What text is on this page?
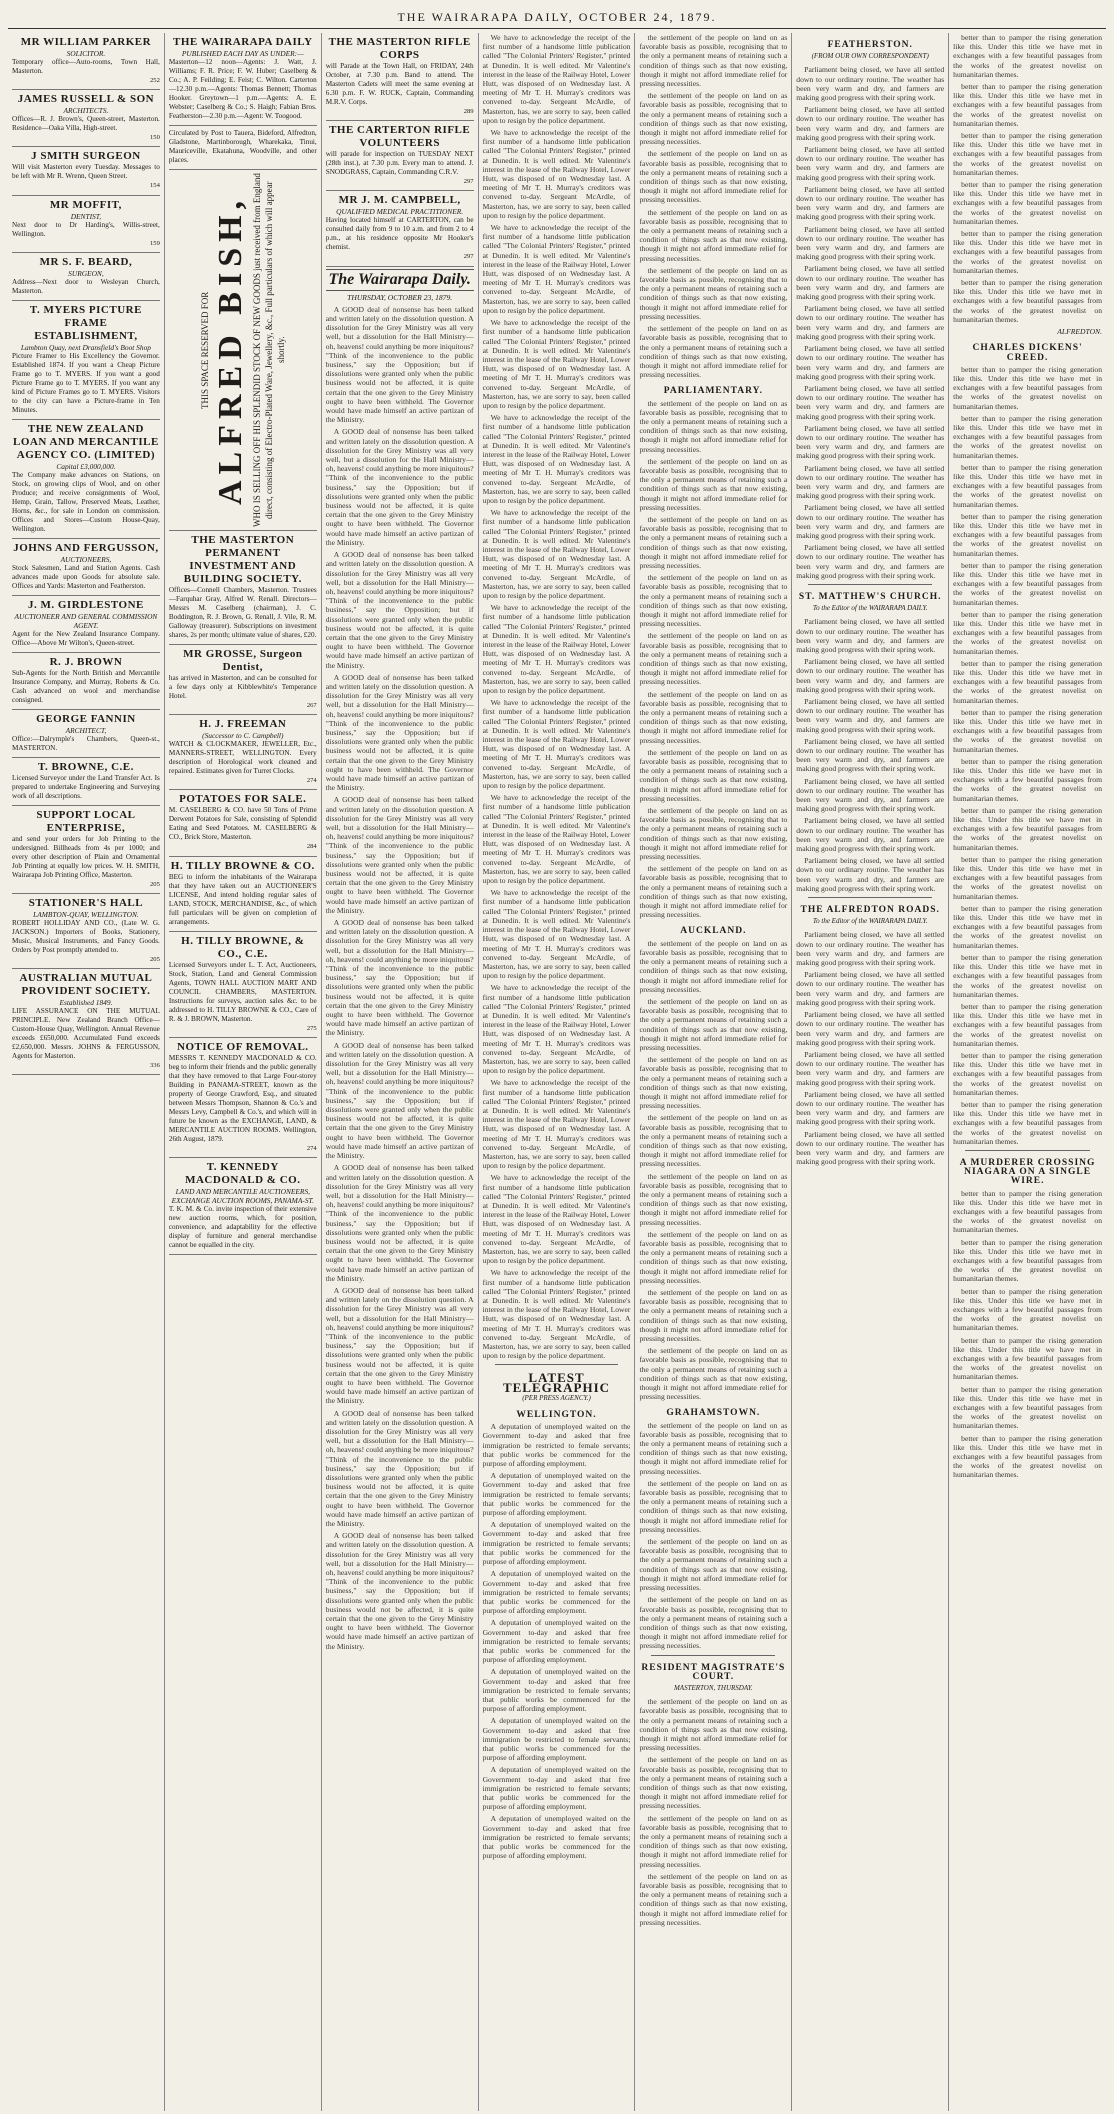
THE WAIRARAPA DAILY, OCTOBER 24, 1879.
MR WILLIAM PARKER
SOLICITOR.
Temporary office—Auto-rooms, Town Hall, Masterton.
252
JAMES RUSSELL & SON
ARCHITECTS.
Offices—R. J. Brown's, Queen-street, Masterton. Residence—Oaka Villa, High-street.
150
J SMITH SURGEON
Will visit Masterton every Tuesday. Messages to be left with Mr R. Wrenn, Queen Street.
154
MR MOFFIT,
DENTIST,
Next door to Dr Harding's, Willis-street, Wellington.
159
MR S. F. BEARD,
SURGEON,
Address—Next door to Wesleyan Church, Masterton.
T. MYERS PICTURE FRAME ESTABLISHMENT,
Lambton Quay, next Dransfield's Boot Shop
Picture Framer to His Excellency the Governor. Established 1874. If you want a Cheap Picture Frame go to T. MYERS. If you want a good Picture Frame go to T. MYERS. If you want any kind of Picture Frames go to T. MYERS. Visitors to the city can have a Picture-frame in Ten Minutes.
THE NEW ZEALAND LOAN AND MERCANTILE AGENCY CO. (LIMITED)
Capital £3,000,000.
The Company make advances on Stations, on Stock, on growing clips of Wool, and on other Produce; and receive consignments of Wool, Hemp, Grain, Tallow, Preserved Meats, Leather, Horns, &c., for sale in London on commission. Offices and Stores—Custom House-Quay, Wellington.
JOHNS AND FERGUSSON,
AUCTIONEERS,
Stock Salesmen, Land and Station Agents. Cash advances made upon Goods for absolute sale. Offices and Yards: Masterton and Featherston.
J. M. GIRDLESTONE
AUCTIONEER AND GENERAL COMMISSION AGENT.
Agent for the New Zealand Insurance Company. Office—Above Mr Wilton's, Queen-street.
R. J. BROWN
Sub-Agents for the North British and Mercantile Insurance Company, and Murray, Roberts & Co. Cash advanced on wool and merchandise consigned.
GEORGE FANNIN
ARCHITECT,
Office:—Dalrymple's Chambers, Queen-st., MASTERTON.
T. BROWNE, C.E.
Licensed Surveyor under the Land Transfer Act. Is prepared to undertake Engineering and Surveying work of all descriptions.
SUPPORT LOCAL ENTERPRISE,
and send your orders for Job Printing to the undersigned. Billheads from 4s per 1000; and every other description of Plain and Ornamental Job Printing at equally low prices. W. H. SMITH, Wairarapa Job Printing Office, Masterton.
205
STATIONER'S HALL
LAMBTON-QUAY, WELLINGTON.
ROBERT HOLLIDAY AND CO., (Late W. G. JACKSON.) Importers of Books, Stationery, Music, Musical Instruments, and Fancy Goods. Orders by Post promptly attended to.
205
AUSTRALIAN MUTUAL PROVIDENT SOCIETY.
Established 1849.
LIFE ASSURANCE ON THE MUTUAL PRINCIPLE. New Zealand Branch Office—Custom-House Quay, Wellington. Annual Revenue exceeds £650,000. Accumulated Fund exceeds £2,650,000. Messrs. JOHNS & FERGUSSON, Agents for Masterton.
336
THE WAIRARAPA DAILY
PUBLISHED EACH DAY AS UNDER:—
Masterton—12 noon—Agents: J. Watt, J. Williams; F. R. Price; F. W. Huber; Caselberg & Co.; A. P. Feilding; E. Feist; C. Wilton. Carterton—12.30 p.m.—Agents: Thomas Bennett; Thomas Hooker. Greytown—1 p.m.—Agents: A. E. Webster; Caselberg & Co.; S. Haigh; Fabian Bros. Featherston—2.30 p.m.—Agent: W. Toogood.
Circulated by Post to Tauera, Bideford, Alfredton, Gladstone, Martinborough, Wharekaka, Tinui, Mauriceville, Ekatahuna, Woodville, and other places.
THIS SPACE RESERVED FOR ALFRED BISH, WHO IS SELLING OFF HIS SPLENDID STOCK OF NEW GOODS just received from England direct, consisting of Electro-Plated Ware, Jewellery, &c., Full particulars of which will appear shortly.
THE MASTERTON PERMANENT INVESTMENT AND BUILDING SOCIETY.
Offices—Connell Chambers, Masterton. Trustees—Farquhar Gray, Alfred W. Renall. Directors—Messrs M. Caselberg (chairman), J. C. Boddington, R. J. Brown, G. Renall, J. Vile, R. M. Galloway (treasurer). Subscriptions on investment shares, 2s per month; ultimate value of shares, £20.
MR GROSSE, Surgeon Dentist,
has arrived in Masterton, and can be consulted for a few days only at Kibblewhite's Temperance Hotel.
267
H. J. FREEMAN
(Successor to C. Campbell)
WATCH & CLOCKMAKER, JEWELLER, Etc., MANNERS-STREET, WELLINGTON. Every description of Horological work cleaned and repaired. Estimates given for Turret Clocks.
274
POTATOES FOR SALE.
M. CASELBERG & CO. have 50 Tons of Prime Derwent Potatoes for Sale, consisting of Splendid Eating and Seed Potatoes. M. CASELBERG & CO., Brick Store, Masterton.
284
H. TILLY BROWNE & CO.
BEG to inform the inhabitants of the Wairarapa that they have taken out an AUCTIONEER'S LICENSE, And intend holding regular sales of LAND, STOCK, MERCHANDISE, &c., of which full particulars will be given on completion of arrangements.
H. TILLY BROWNE, & CO., C.E.
Licensed Surveyors under L. T. Act, Auctioneers, Stock, Station, Land and General Commission Agents, TOWN HALL AUCTION MART AND COUNCIL CHAMBERS, MASTERTON. Instructions for surveys, auction sales &c. to be addressed to H. TILLY BROWNE & CO., Care of R. & J. BROWN, Masterton.
275
NOTICE OF REMOVAL.
MESSRS T. KENNEDY MACDONALD & CO. beg to inform their friends and the public generally that they have removed to that Large Four-storey Building in PANAMA-STREET, known as the property of George Crawford, Esq., and situated between Messrs Thompson, Shannon & Co.'s and Messrs Levy, Campbell & Co.'s, and which will in future be known as the EXCHANGE, LAND, & MERCANTILE AUCTION ROOMS. Wellington, 26th August, 1879.
274
T. KENNEDY MACDONALD & CO.
LAND AND MERCANTILE AUCTIONEERS, EXCHANGE AUCTION ROOMS, PANAMA-ST.
T. K. M. & Co. invite inspection of their extensive new auction rooms, which, for position, convenience, and adaptability for the effective display of furniture and general merchandise cannot be equalled in the city.
THE MASTERTON RIFLE CORPS
will Parade at the Town Hall, on FRIDAY, 24th October, at 7.30 p.m. Band to attend. The Masterton Cadets will meet the same evening at 6.30 p.m. F. W. RUCK, Captain, Commanding M.R.V. Corps.
289
THE CARTERTON RIFLE VOLUNTEERS
will parade for inspection on TUESDAY NEXT (28th inst.), at 7.30 p.m. Every man to attend. J. SNODGRASS, Captain, Commanding C.R.V.
297
MR J. M. CAMPBELL,
QUALIFIED MEDICAL PRACTITIONER.
Having located himself at CARTERTON, can be consulted daily from 9 to 10 a.m. and from 2 to 4 p.m., at his residence opposite Mr Hooker's chemist.
297
The Wairarapa Daily.
THURSDAY, OCTOBER 23, 1879.

A GOOD deal of nonsense has been talked and written lately on the dissolution question. A dissolution for the Grey Ministry was all very well, but a dissolution for the Hall Ministry—oh, heavens! could anything be more iniquitous? "Think of the inconvenience to the public business," say the Opposition; but if dissolutions were granted only when the public business would not be affected, it is quite certain that the one given to the Grey Ministry ought to have been withheld. The Governor would have made himself an active partizan of the Ministry.

A GOOD deal of nonsense has been talked and written lately on the dissolution question. A dissolution for the Grey Ministry was all very well, but a dissolution for the Hall Ministry—oh, heavens! could anything be more iniquitous? "Think of the inconvenience to the public business," say the Opposition; but if dissolutions were granted only when the public business would not be affected, it is quite certain that the one given to the Grey Ministry ought to have been withheld. The Governor would have made himself an active partizan of the Ministry.

A GOOD deal of nonsense has been talked and written lately on the dissolution question. A dissolution for the Grey Ministry was all very well, but a dissolution for the Hall Ministry—oh, heavens! could anything be more iniquitous? "Think of the inconvenience to the public business," say the Opposition; but if dissolutions were granted only when the public business would not be affected, it is quite certain that the one given to the Grey Ministry ought to have been withheld. The Governor would have made himself an active partizan of the Ministry.

A GOOD deal of nonsense has been talked and written lately on the dissolution question. A dissolution for the Grey Ministry was all very well, but a dissolution for the Hall Ministry—oh, heavens! could anything be more iniquitous? "Think of the inconvenience to the public business," say the Opposition; but if dissolutions were granted only when the public business would not be affected, it is quite certain that the one given to the Grey Ministry ought to have been withheld. The Governor would have made himself an active partizan of the Ministry.

A GOOD deal of nonsense has been talked and written lately on the dissolution question. A dissolution for the Grey Ministry was all very well, but a dissolution for the Hall Ministry—oh, heavens! could anything be more iniquitous? "Think of the inconvenience to the public business," say the Opposition; but if dissolutions were granted only when the public business would not be affected, it is quite certain that the one given to the Grey Ministry ought to have been withheld. The Governor would have made himself an active partizan of the Ministry.

A GOOD deal of nonsense has been talked and written lately on the dissolution question. A dissolution for the Grey Ministry was all very well, but a dissolution for the Hall Ministry—oh, heavens! could anything be more iniquitous? "Think of the inconvenience to the public business," say the Opposition; but if dissolutions were granted only when the public business would not be affected, it is quite certain that the one given to the Grey Ministry ought to have been withheld. The Governor would have made himself an active partizan of the Ministry.

A GOOD deal of nonsense has been talked and written lately on the dissolution question. A dissolution for the Grey Ministry was all very well, but a dissolution for the Hall Ministry—oh, heavens! could anything be more iniquitous? "Think of the inconvenience to the public business," say the Opposition; but if dissolutions were granted only when the public business would not be affected, it is quite certain that the one given to the Grey Ministry ought to have been withheld. The Governor would have made himself an active partizan of the Ministry.

A GOOD deal of nonsense has been talked and written lately on the dissolution question. A dissolution for the Grey Ministry was all very well, but a dissolution for the Hall Ministry—oh, heavens! could anything be more iniquitous? "Think of the inconvenience to the public business," say the Opposition; but if dissolutions were granted only when the public business would not be affected, it is quite certain that the one given to the Grey Ministry ought to have been withheld. The Governor would have made himself an active partizan of the Ministry.

A GOOD deal of nonsense has been talked and written lately on the dissolution question. A dissolution for the Grey Ministry was all very well, but a dissolution for the Hall Ministry—oh, heavens! could anything be more iniquitous? "Think of the inconvenience to the public business," say the Opposition; but if dissolutions were granted only when the public business would not be affected, it is quite certain that the one given to the Grey Ministry ought to have been withheld. The Governor would have made himself an active partizan of the Ministry.

A GOOD deal of nonsense has been talked and written lately on the dissolution question. A dissolution for the Grey Ministry was all very well, but a dissolution for the Hall Ministry—oh, heavens! could anything be more iniquitous? "Think of the inconvenience to the public business," say the Opposition; but if dissolutions were granted only when the public business would not be affected, it is quite certain that the one given to the Grey Ministry ought to have been withheld. The Governor would have made himself an active partizan of the Ministry.

A GOOD deal of nonsense has been talked and written lately on the dissolution question. A dissolution for the Grey Ministry was all very well, but a dissolution for the Hall Ministry—oh, heavens! could anything be more iniquitous? "Think of the inconvenience to the public business," say the Opposition; but if dissolutions were granted only when the public business would not be affected, it is quite certain that the one given to the Grey Ministry ought to have been withheld. The Governor would have made himself an active partizan of the Ministry.

We have to acknowledge the receipt of the first number of a handsome little publication called "The Colonial Printers' Register," printed at Dunedin. It is well edited. Mr Valentine's interest in the lease of the Railway Hotel, Lower Hutt, was disposed of on Wednesday last. A meeting of Mr T. H. Murray's creditors was convened to-day. Sergeant McArdle, of Masterton, has, we are sorry to say, been called upon to resign by the police department.

We have to acknowledge the receipt of the first number of a handsome little publication called "The Colonial Printers' Register," printed at Dunedin. It is well edited. Mr Valentine's interest in the lease of the Railway Hotel, Lower Hutt, was disposed of on Wednesday last. A meeting of Mr T. H. Murray's creditors was convened to-day. Sergeant McArdle, of Masterton, has, we are sorry to say, been called upon to resign by the police department.

We have to acknowledge the receipt of the first number of a handsome little publication called "The Colonial Printers' Register," printed at Dunedin. It is well edited. Mr Valentine's interest in the lease of the Railway Hotel, Lower Hutt, was disposed of on Wednesday last. A meeting of Mr T. H. Murray's creditors was convened to-day. Sergeant McArdle, of Masterton, has, we are sorry to say, been called upon to resign by the police department.

We have to acknowledge the receipt of the first number of a handsome little publication called "The Colonial Printers' Register," printed at Dunedin. It is well edited. Mr Valentine's interest in the lease of the Railway Hotel, Lower Hutt, was disposed of on Wednesday last. A meeting of Mr T. H. Murray's creditors was convened to-day. Sergeant McArdle, of Masterton, has, we are sorry to say, been called upon to resign by the police department.

We have to acknowledge the receipt of the first number of a handsome little publication called "The Colonial Printers' Register," printed at Dunedin. It is well edited. Mr Valentine's interest in the lease of the Railway Hotel, Lower Hutt, was disposed of on Wednesday last. A meeting of Mr T. H. Murray's creditors was convened to-day. Sergeant McArdle, of Masterton, has, we are sorry to say, been called upon to resign by the police department.

We have to acknowledge the receipt of the first number of a handsome little publication called "The Colonial Printers' Register," printed at Dunedin. It is well edited. Mr Valentine's interest in the lease of the Railway Hotel, Lower Hutt, was disposed of on Wednesday last. A meeting of Mr T. H. Murray's creditors was convened to-day. Sergeant McArdle, of Masterton, has, we are sorry to say, been called upon to resign by the police department.

We have to acknowledge the receipt of the first number of a handsome little publication called "The Colonial Printers' Register," printed at Dunedin. It is well edited. Mr Valentine's interest in the lease of the Railway Hotel, Lower Hutt, was disposed of on Wednesday last. A meeting of Mr T. H. Murray's creditors was convened to-day. Sergeant McArdle, of Masterton, has, we are sorry to say, been called upon to resign by the police department.

We have to acknowledge the receipt of the first number of a handsome little publication called "The Colonial Printers' Register," printed at Dunedin. It is well edited. Mr Valentine's interest in the lease of the Railway Hotel, Lower Hutt, was disposed of on Wednesday last. A meeting of Mr T. H. Murray's creditors was convened to-day. Sergeant McArdle, of Masterton, has, we are sorry to say, been called upon to resign by the police department.

We have to acknowledge the receipt of the first number of a handsome little publication called "The Colonial Printers' Register," printed at Dunedin. It is well edited. Mr Valentine's interest in the lease of the Railway Hotel, Lower Hutt, was disposed of on Wednesday last. A meeting of Mr T. H. Murray's creditors was convened to-day. Sergeant McArdle, of Masterton, has, we are sorry to say, been called upon to resign by the police department.

We have to acknowledge the receipt of the first number of a handsome little publication called "The Colonial Printers' Register," printed at Dunedin. It is well edited. Mr Valentine's interest in the lease of the Railway Hotel, Lower Hutt, was disposed of on Wednesday last. A meeting of Mr T. H. Murray's creditors was convened to-day. Sergeant McArdle, of Masterton, has, we are sorry to say, been called upon to resign by the police department.

We have to acknowledge the receipt of the first number of a handsome little publication called "The Colonial Printers' Register," printed at Dunedin. It is well edited. Mr Valentine's interest in the lease of the Railway Hotel, Lower Hutt, was disposed of on Wednesday last. A meeting of Mr T. H. Murray's creditors was convened to-day. Sergeant McArdle, of Masterton, has, we are sorry to say, been called upon to resign by the police department.

We have to acknowledge the receipt of the first number of a handsome little publication called "The Colonial Printers' Register," printed at Dunedin. It is well edited. Mr Valentine's interest in the lease of the Railway Hotel, Lower Hutt, was disposed of on Wednesday last. A meeting of Mr T. H. Murray's creditors was convened to-day. Sergeant McArdle, of Masterton, has, we are sorry to say, been called upon to resign by the police department.

We have to acknowledge the receipt of the first number of a handsome little publication called "The Colonial Printers' Register," printed at Dunedin. It is well edited. Mr Valentine's interest in the lease of the Railway Hotel, Lower Hutt, was disposed of on Wednesday last. A meeting of Mr T. H. Murray's creditors was convened to-day. Sergeant McArdle, of Masterton, has, we are sorry to say, been called upon to resign by the police department.

We have to acknowledge the receipt of the first number of a handsome little publication called "The Colonial Printers' Register," printed at Dunedin. It is well edited. Mr Valentine's interest in the lease of the Railway Hotel, Lower Hutt, was disposed of on Wednesday last. A meeting of Mr T. H. Murray's creditors was convened to-day. Sergeant McArdle, of Masterton, has, we are sorry to say, been called upon to resign by the police department.

LATEST TELEGRAPHIC
(PER PRESS AGENCY.)
WELLINGTON.

A deputation of unemployed waited on the Government to-day and asked that free immigration be restricted to female servants; that public works be commenced for the purpose of affording employment.

A deputation of unemployed waited on the Government to-day and asked that free immigration be restricted to female servants; that public works be commenced for the purpose of affording employment.

A deputation of unemployed waited on the Government to-day and asked that free immigration be restricted to female servants; that public works be commenced for the purpose of affording employment.

A deputation of unemployed waited on the Government to-day and asked that free immigration be restricted to female servants; that public works be commenced for the purpose of affording employment.

A deputation of unemployed waited on the Government to-day and asked that free immigration be restricted to female servants; that public works be commenced for the purpose of affording employment.

A deputation of unemployed waited on the Government to-day and asked that free immigration be restricted to female servants; that public works be commenced for the purpose of affording employment.

A deputation of unemployed waited on the Government to-day and asked that free immigration be restricted to female servants; that public works be commenced for the purpose of affording employment.

A deputation of unemployed waited on the Government to-day and asked that free immigration be restricted to female servants; that public works be commenced for the purpose of affording employment.

A deputation of unemployed waited on the Government to-day and asked that free immigration be restricted to female servants; that public works be commenced for the purpose of affording employment.

the settlement of the people on land on as favorable basis as possible, recognising that to the only a permanent means of retaining such a condition of things such as that now existing, though it might not afford immediate relief for pressing necessities.

the settlement of the people on land on as favorable basis as possible, recognising that to the only a permanent means of retaining such a condition of things such as that now existing, though it might not afford immediate relief for pressing necessities.

the settlement of the people on land on as favorable basis as possible, recognising that to the only a permanent means of retaining such a condition of things such as that now existing, though it might not afford immediate relief for pressing necessities.

the settlement of the people on land on as favorable basis as possible, recognising that to the only a permanent means of retaining such a condition of things such as that now existing, though it might not afford immediate relief for pressing necessities.

the settlement of the people on land on as favorable basis as possible, recognising that to the only a permanent means of retaining such a condition of things such as that now existing, though it might not afford immediate relief for pressing necessities.

the settlement of the people on land on as favorable basis as possible, recognising that to the only a permanent means of retaining such a condition of things such as that now existing, though it might not afford immediate relief for pressing necessities.

PARLIAMENTARY.

the settlement of the people on land on as favorable basis as possible, recognising that to the only a permanent means of retaining such a condition of things such as that now existing, though it might not afford immediate relief for pressing necessities.

the settlement of the people on land on as favorable basis as possible, recognising that to the only a permanent means of retaining such a condition of things such as that now existing, though it might not afford immediate relief for pressing necessities.

the settlement of the people on land on as favorable basis as possible, recognising that to the only a permanent means of retaining such a condition of things such as that now existing, though it might not afford immediate relief for pressing necessities.

the settlement of the people on land on as favorable basis as possible, recognising that to the only a permanent means of retaining such a condition of things such as that now existing, though it might not afford immediate relief for pressing necessities.

the settlement of the people on land on as favorable basis as possible, recognising that to the only a permanent means of retaining such a condition of things such as that now existing, though it might not afford immediate relief for pressing necessities.

the settlement of the people on land on as favorable basis as possible, recognising that to the only a permanent means of retaining such a condition of things such as that now existing, though it might not afford immediate relief for pressing necessities.

the settlement of the people on land on as favorable basis as possible, recognising that to the only a permanent means of retaining such a condition of things such as that now existing, though it might not afford immediate relief for pressing necessities.

the settlement of the people on land on as favorable basis as possible, recognising that to the only a permanent means of retaining such a condition of things such as that now existing, though it might not afford immediate relief for pressing necessities.

the settlement of the people on land on as favorable basis as possible, recognising that to the only a permanent means of retaining such a condition of things such as that now existing, though it might not afford immediate relief for pressing necessities.

AUCKLAND.

the settlement of the people on land on as favorable basis as possible, recognising that to the only a permanent means of retaining such a condition of things such as that now existing, though it might not afford immediate relief for pressing necessities.

the settlement of the people on land on as favorable basis as possible, recognising that to the only a permanent means of retaining such a condition of things such as that now existing, though it might not afford immediate relief for pressing necessities.

the settlement of the people on land on as favorable basis as possible, recognising that to the only a permanent means of retaining such a condition of things such as that now existing, though it might not afford immediate relief for pressing necessities.

the settlement of the people on land on as favorable basis as possible, recognising that to the only a permanent means of retaining such a condition of things such as that now existing, though it might not afford immediate relief for pressing necessities.

the settlement of the people on land on as favorable basis as possible, recognising that to the only a permanent means of retaining such a condition of things such as that now existing, though it might not afford immediate relief for pressing necessities.

the settlement of the people on land on as favorable basis as possible, recognising that to the only a permanent means of retaining such a condition of things such as that now existing, though it might not afford immediate relief for pressing necessities.

the settlement of the people on land on as favorable basis as possible, recognising that to the only a permanent means of retaining such a condition of things such as that now existing, though it might not afford immediate relief for pressing necessities.

the settlement of the people on land on as favorable basis as possible, recognising that to the only a permanent means of retaining such a condition of things such as that now existing, though it might not afford immediate relief for pressing necessities.

GRAHAMSTOWN.

the settlement of the people on land on as favorable basis as possible, recognising that to the only a permanent means of retaining such a condition of things such as that now existing, though it might not afford immediate relief for pressing necessities.

the settlement of the people on land on as favorable basis as possible, recognising that to the only a permanent means of retaining such a condition of things such as that now existing, though it might not afford immediate relief for pressing necessities.

the settlement of the people on land on as favorable basis as possible, recognising that to the only a permanent means of retaining such a condition of things such as that now existing, though it might not afford immediate relief for pressing necessities.

the settlement of the people on land on as favorable basis as possible, recognising that to the only a permanent means of retaining such a condition of things such as that now existing, though it might not afford immediate relief for pressing necessities.

RESIDENT MAGISTRATE'S COURT.
MASTERTON, THURSDAY.

the settlement of the people on land on as favorable basis as possible, recognising that to the only a permanent means of retaining such a condition of things such as that now existing, though it might not afford immediate relief for pressing necessities.

the settlement of the people on land on as favorable basis as possible, recognising that to the only a permanent means of retaining such a condition of things such as that now existing, though it might not afford immediate relief for pressing necessities.

the settlement of the people on land on as favorable basis as possible, recognising that to the only a permanent means of retaining such a condition of things such as that now existing, though it might not afford immediate relief for pressing necessities.

the settlement of the people on land on as favorable basis as possible, recognising that to the only a permanent means of retaining such a condition of things such as that now existing, though it might not afford immediate relief for pressing necessities.

FEATHERSTON.
(FROM OUR OWN CORRESPONDENT)

Parliament being closed, we have all settled down to our ordinary routine. The weather has been very warm and dry, and farmers are making good progress with their spring work.

Parliament being closed, we have all settled down to our ordinary routine. The weather has been very warm and dry, and farmers are making good progress with their spring work.

Parliament being closed, we have all settled down to our ordinary routine. The weather has been very warm and dry, and farmers are making good progress with their spring work.

Parliament being closed, we have all settled down to our ordinary routine. The weather has been very warm and dry, and farmers are making good progress with their spring work.

Parliament being closed, we have all settled down to our ordinary routine. The weather has been very warm and dry, and farmers are making good progress with their spring work.

Parliament being closed, we have all settled down to our ordinary routine. The weather has been very warm and dry, and farmers are making good progress with their spring work.

Parliament being closed, we have all settled down to our ordinary routine. The weather has been very warm and dry, and farmers are making good progress with their spring work.

Parliament being closed, we have all settled down to our ordinary routine. The weather has been very warm and dry, and farmers are making good progress with their spring work.

Parliament being closed, we have all settled down to our ordinary routine. The weather has been very warm and dry, and farmers are making good progress with their spring work.

Parliament being closed, we have all settled down to our ordinary routine. The weather has been very warm and dry, and farmers are making good progress with their spring work.

Parliament being closed, we have all settled down to our ordinary routine. The weather has been very warm and dry, and farmers are making good progress with their spring work.

Parliament being closed, we have all settled down to our ordinary routine. The weather has been very warm and dry, and farmers are making good progress with their spring work.

Parliament being closed, we have all settled down to our ordinary routine. The weather has been very warm and dry, and farmers are making good progress with their spring work.

ST. MATTHEW'S CHURCH.
To the Editor of the WAIRARAPA DAILY.

Parliament being closed, we have all settled down to our ordinary routine. The weather has been very warm and dry, and farmers are making good progress with their spring work.

Parliament being closed, we have all settled down to our ordinary routine. The weather has been very warm and dry, and farmers are making good progress with their spring work.

Parliament being closed, we have all settled down to our ordinary routine. The weather has been very warm and dry, and farmers are making good progress with their spring work.

Parliament being closed, we have all settled down to our ordinary routine. The weather has been very warm and dry, and farmers are making good progress with their spring work.

Parliament being closed, we have all settled down to our ordinary routine. The weather has been very warm and dry, and farmers are making good progress with their spring work.

Parliament being closed, we have all settled down to our ordinary routine. The weather has been very warm and dry, and farmers are making good progress with their spring work.

Parliament being closed, we have all settled down to our ordinary routine. The weather has been very warm and dry, and farmers are making good progress with their spring work.

THE ALFREDTON ROADS.
To the Editor of the WAIRARAPA DAILY.

Parliament being closed, we have all settled down to our ordinary routine. The weather has been very warm and dry, and farmers are making good progress with their spring work.

Parliament being closed, we have all settled down to our ordinary routine. The weather has been very warm and dry, and farmers are making good progress with their spring work.

Parliament being closed, we have all settled down to our ordinary routine. The weather has been very warm and dry, and farmers are making good progress with their spring work.

Parliament being closed, we have all settled down to our ordinary routine. The weather has been very warm and dry, and farmers are making good progress with their spring work.

Parliament being closed, we have all settled down to our ordinary routine. The weather has been very warm and dry, and farmers are making good progress with their spring work.

Parliament being closed, we have all settled down to our ordinary routine. The weather has been very warm and dry, and farmers are making good progress with their spring work.

better than to pamper the rising generation like this. Under this title we have met in exchanges with a few beautiful passages from the works of the greatest novelist on humanitarian themes.

better than to pamper the rising generation like this. Under this title we have met in exchanges with a few beautiful passages from the works of the greatest novelist on humanitarian themes.

better than to pamper the rising generation like this. Under this title we have met in exchanges with a few beautiful passages from the works of the greatest novelist on humanitarian themes.

better than to pamper the rising generation like this. Under this title we have met in exchanges with a few beautiful passages from the works of the greatest novelist on humanitarian themes.

better than to pamper the rising generation like this. Under this title we have met in exchanges with a few beautiful passages from the works of the greatest novelist on humanitarian themes.

better than to pamper the rising generation like this. Under this title we have met in exchanges with a few beautiful passages from the works of the greatest novelist on humanitarian themes.

ALFREDTON.
CHARLES DICKENS' CREED.

better than to pamper the rising generation like this. Under this title we have met in exchanges with a few beautiful passages from the works of the greatest novelist on humanitarian themes.

better than to pamper the rising generation like this. Under this title we have met in exchanges with a few beautiful passages from the works of the greatest novelist on humanitarian themes.

better than to pamper the rising generation like this. Under this title we have met in exchanges with a few beautiful passages from the works of the greatest novelist on humanitarian themes.

better than to pamper the rising generation like this. Under this title we have met in exchanges with a few beautiful passages from the works of the greatest novelist on humanitarian themes.

better than to pamper the rising generation like this. Under this title we have met in exchanges with a few beautiful passages from the works of the greatest novelist on humanitarian themes.

better than to pamper the rising generation like this. Under this title we have met in exchanges with a few beautiful passages from the works of the greatest novelist on humanitarian themes.

better than to pamper the rising generation like this. Under this title we have met in exchanges with a few beautiful passages from the works of the greatest novelist on humanitarian themes.

better than to pamper the rising generation like this. Under this title we have met in exchanges with a few beautiful passages from the works of the greatest novelist on humanitarian themes.

better than to pamper the rising generation like this. Under this title we have met in exchanges with a few beautiful passages from the works of the greatest novelist on humanitarian themes.

better than to pamper the rising generation like this. Under this title we have met in exchanges with a few beautiful passages from the works of the greatest novelist on humanitarian themes.

better than to pamper the rising generation like this. Under this title we have met in exchanges with a few beautiful passages from the works of the greatest novelist on humanitarian themes.

better than to pamper the rising generation like this. Under this title we have met in exchanges with a few beautiful passages from the works of the greatest novelist on humanitarian themes.

better than to pamper the rising generation like this. Under this title we have met in exchanges with a few beautiful passages from the works of the greatest novelist on humanitarian themes.

better than to pamper the rising generation like this. Under this title we have met in exchanges with a few beautiful passages from the works of the greatest novelist on humanitarian themes.

better than to pamper the rising generation like this. Under this title we have met in exchanges with a few beautiful passages from the works of the greatest novelist on humanitarian themes.

better than to pamper the rising generation like this. Under this title we have met in exchanges with a few beautiful passages from the works of the greatest novelist on humanitarian themes.

A MURDERER CROSSING NIAGARA ON A SINGLE WIRE.

better than to pamper the rising generation like this. Under this title we have met in exchanges with a few beautiful passages from the works of the greatest novelist on humanitarian themes.

better than to pamper the rising generation like this. Under this title we have met in exchanges with a few beautiful passages from the works of the greatest novelist on humanitarian themes.

better than to pamper the rising generation like this. Under this title we have met in exchanges with a few beautiful passages from the works of the greatest novelist on humanitarian themes.

better than to pamper the rising generation like this. Under this title we have met in exchanges with a few beautiful passages from the works of the greatest novelist on humanitarian themes.

better than to pamper the rising generation like this. Under this title we have met in exchanges with a few beautiful passages from the works of the greatest novelist on humanitarian themes.

better than to pamper the rising generation like this. Under this title we have met in exchanges with a few beautiful passages from the works of the greatest novelist on humanitarian themes.
